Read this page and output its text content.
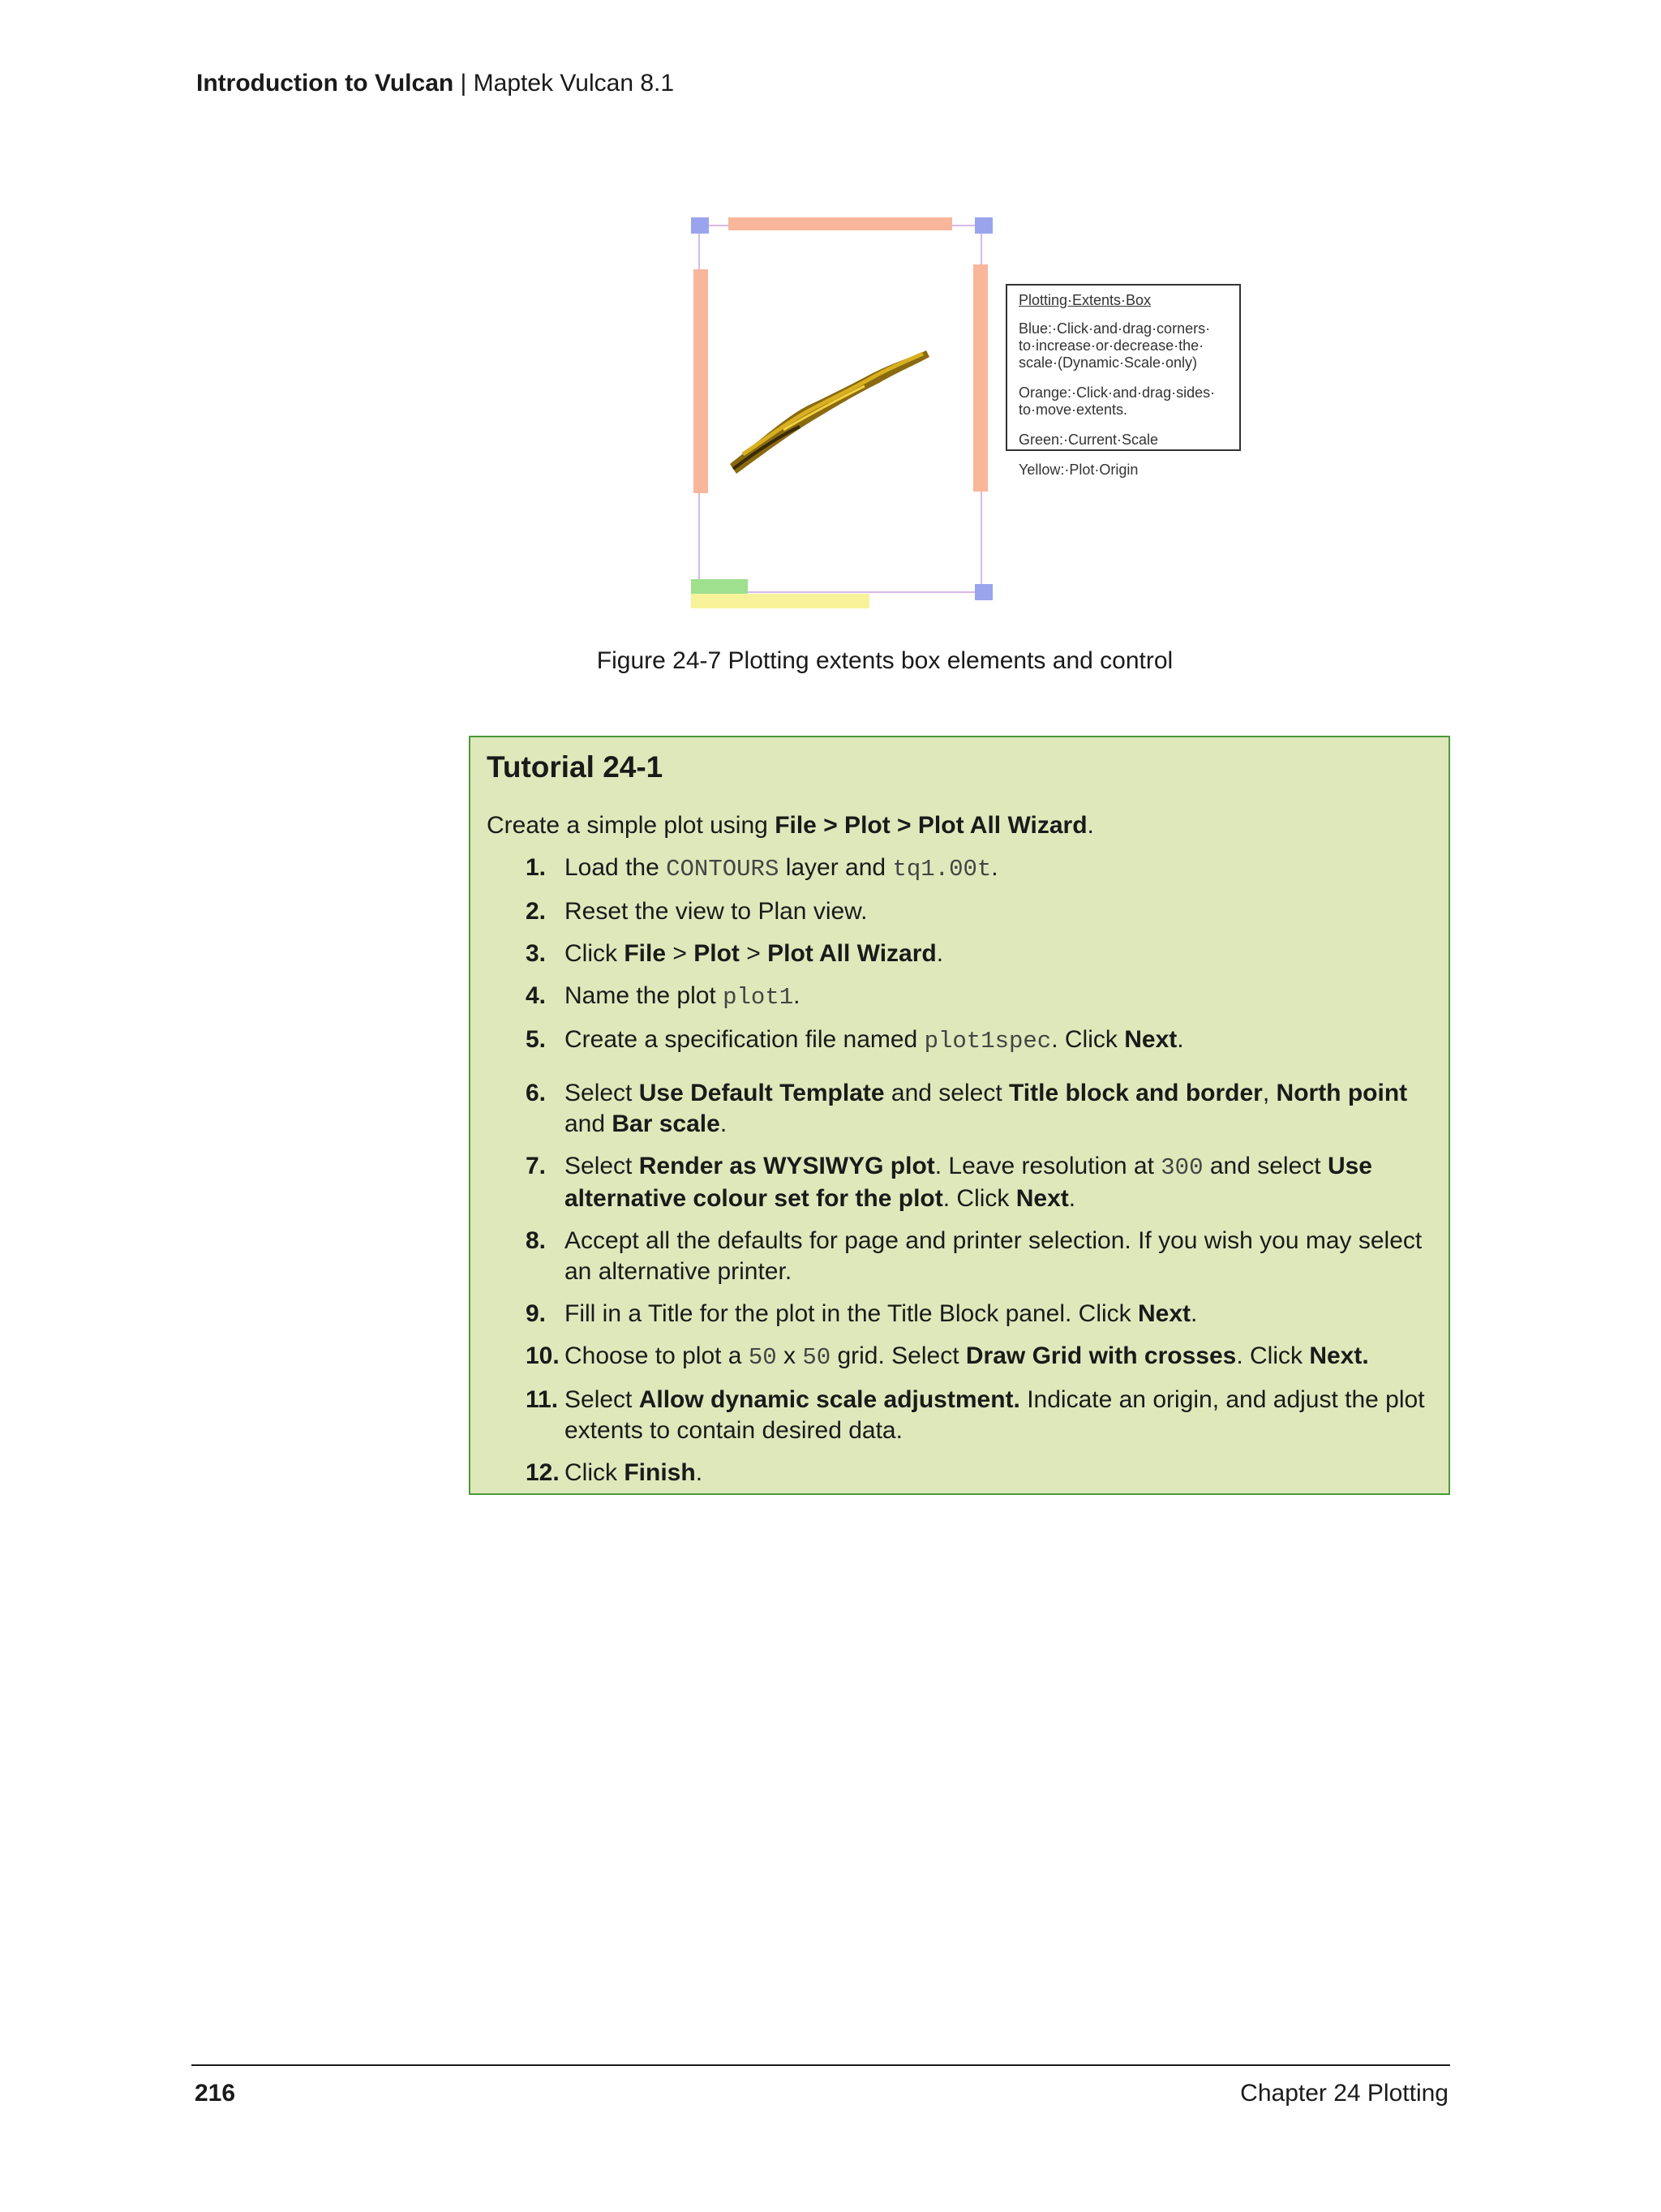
Introduction to Vulcan | Maptek Vulcan 8.1
Plotting·Extents·Box
Blue:·Click·and·drag·corners·
to·increase·or·decrease·the·
scale·(Dynamic·Scale·only)
Orange:·Click·and·drag·sides·
to·move·extents.
Green:·Current·Scale
Yellow:·Plot·Origin
Figure 24-7 Plotting extents box elements and control
Tutorial 24-1
Create a simple plot using File > Plot > Plot All Wizard.
1. Load the CONTOURS layer and tq1.00t.
2. Reset the view to Plan view.
3. Click File > Plot > Plot All Wizard.
4. Name the plot plot1.
5. Create a specification file named plot1spec. Click Next.
6. Select Use Default Template and select Title block and border, North point and Bar scale.
7. Select Render as WYSIWYG plot. Leave resolution at 300 and select Use alternative colour set for the plot. Click Next.
8. Accept all the defaults for page and printer selection. If you wish you may select an alternative printer.
9. Fill in a Title for the plot in the Title Block panel. Click Next.
10. Choose to plot a 50 x 50 grid. Select Draw Grid with crosses. Click Next.
11. Select Allow dynamic scale adjustment. Indicate an origin, and adjust the plot extents to contain desired data.
12. Click Finish.
216	Chapter 24 Plotting
